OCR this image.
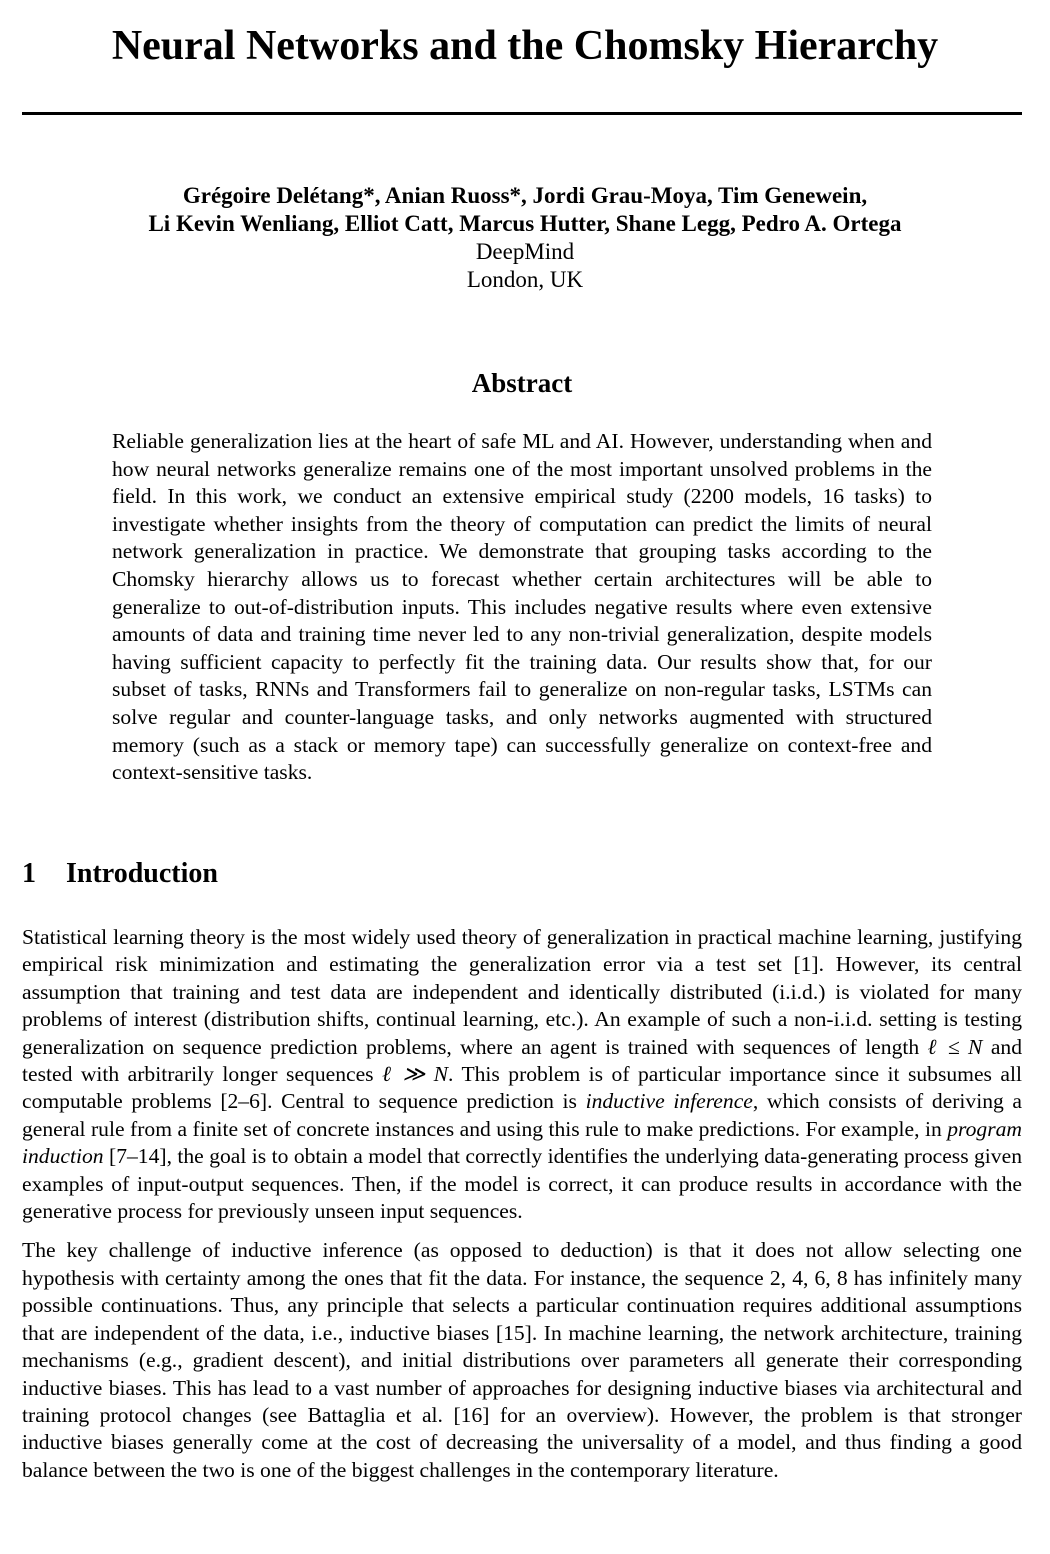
Neural Networks and the Chomsky Hierarchy
Grégoire Delétang*, Anian Ruoss*, Jordi Grau-Moya, Tim Genewein,
Li Kevin Wenliang, Elliot Catt, Marcus Hutter, Shane Legg, Pedro A. Ortega
DeepMind
London, UK
Abstract

Reliable generalization lies at the heart of safe ML and AI. However, understanding when and how neural networks generalize remains one of the most important unsolved problems in the field. In this work, we conduct an extensive empirical study (2200 models, 16 tasks) to investigate whether insights from the theory of computation can predict the limits of neural network generalization in practice. We demonstrate that grouping tasks according to the Chomsky hierarchy allows us to forecast whether certain architectures will be able to generalize to out-of-distribution inputs. This includes negative results where even extensive amounts of data and training time never led to any non-trivial generalization, despite models having sufficient capacity to perfectly fit the training data. Our results show that, for our subset of tasks, RNNs and Transformers fail to generalize on non-regular tasks, LSTMs can solve regular and counter-language tasks, and only networks augmented with structured memory (such as a stack or memory tape) can successfully generalize on context-free and context-sensitive tasks.

1 Introduction

Statistical learning theory is the most widely used theory of generalization in practical machine learning, justifying empirical risk minimization and estimating the generalization error via a test set [1]. However, its central assumption that training and test data are independent and identically distributed (i.i.d.) is violated for many problems of interest (distribution shifts, continual learning, etc.). An example of such a non-i.i.d. setting is testing generalization on sequence prediction problems, where an agent is trained with sequences of length ℓ ≤ N and tested with arbitrarily longer sequences ℓ ≫ N. This problem is of particular importance since it subsumes all computable problems [2–6]. Central to sequence prediction is inductive inference, which consists of deriving a general rule from a finite set of concrete instances and using this rule to make predictions. For example, in program induction [7–14], the goal is to obtain a model that correctly identifies the underlying data-generating process given examples of input-output sequences. Then, if the model is correct, it can produce results in accordance with the generative process for previously unseen input sequences.

The key challenge of inductive inference (as opposed to deduction) is that it does not allow selecting one hypothesis with certainty among the ones that fit the data. For instance, the sequence 2, 4, 6, 8 has infinitely many possible continuations. Thus, any principle that selects a particular continuation requires additional assumptions that are independent of the data, i.e., inductive biases [15]. In machine learning, the network architecture, training mechanisms (e.g., gradient descent), and initial distributions over parameters all generate their corresponding inductive biases. This has lead to a vast number of approaches for designing inductive biases via architectural and training protocol changes (see Battaglia et al. [16] for an overview). However, the problem is that stronger inductive biases generally come at the cost of decreasing the universality of a model, and thus finding a good balance between the two is one of the biggest challenges in the contemporary literature.
